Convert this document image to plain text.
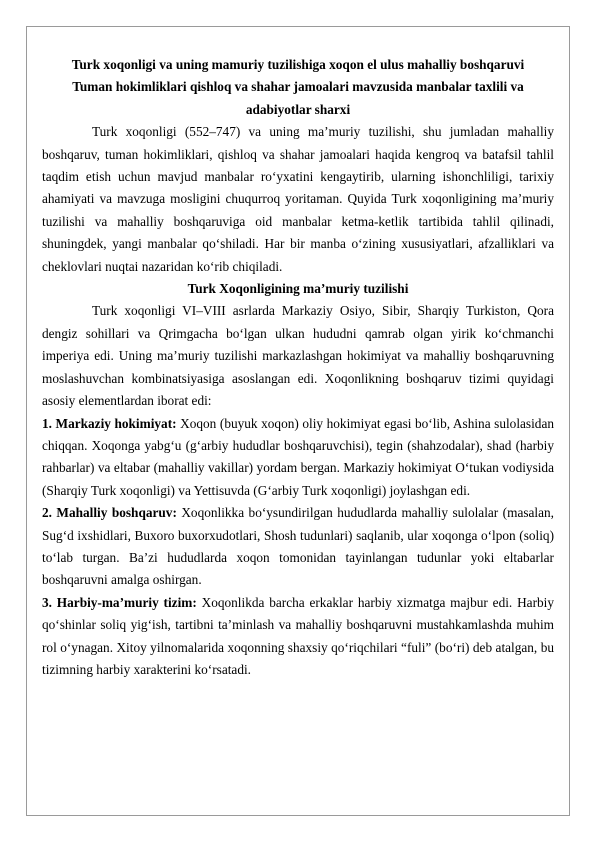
Turk xoqonligi va uning mamuriy tuzilishiga xoqon el ulus mahalliy boshqaruvi

Tuman hokimliklari qishloq va shahar jamoalari mavzusida manbalar taxlili va

adabiyotlar sharxi

Turk xoqonligi (552–747) va uning ma’muriy tuzilishi, shu jumladan mahalliy boshqaruv, tuman hokimliklari, qishloq va shahar jamoalari haqida kengroq va batafsil tahlil taqdim etish uchun mavjud manbalar ro‘yxatini kengaytirib, ularning ishonchliligi, tarixiy ahamiyati va mavzuga mosligini chuqurroq yoritaman. Quyida Turk xoqonligining ma’muriy tuzilishi va mahalliy boshqaruviga oid manbalar ketma-ketlik tartibida tahlil qilinadi, shuningdek, yangi manbalar qo‘shiladi. Har bir manba o‘zining xususiyatlari, afzalliklari va cheklovlari nuqtai nazaridan ko‘rib chiqiladi.

Turk Xoqonligining ma’muriy tuzilishi

Turk xoqonligi VI–VIII asrlarda Markaziy Osiyo, Sibir, Sharqiy Turkiston, Qora dengiz sohillari va Qrimgacha bo‘lgan ulkan hududni qamrab olgan yirik ko‘chmanchi imperiya edi. Uning ma’muriy tuzilishi markazlashgan hokimiyat va mahalliy boshqaruvning moslashuvchan kombinatsiyasiga asoslangan edi. Xoqonlikning boshqaruv tizimi quyidagi asosiy elementlardan iborat edi:

1. Markaziy hokimiyat: Xoqon (buyuk xoqon) oliy hokimiyat egasi bo‘lib, Ashina sulolasidan chiqqan. Xoqonga yabg‘u (g‘arbiy hududlar boshqaruvchisi), tegin (shahzodalar), shad (harbiy rahbarlar) va eltabar (mahalliy vakillar) yordam bergan. Markaziy hokimiyat O‘tukan vodiysida (Sharqiy Turk xoqonligi) va Yettisuvda (G‘arbiy Turk xoqonligi) joylashgan edi.

2. Mahalliy boshqaruv: Xoqonlikka bo‘ysundirilgan hududlarda mahalliy sulolalar (masalan, Sug‘d ixshidlari, Buxoro buxorxudotlari, Shosh tudunlari) saqlanib, ular xoqonga o‘lpon (soliq) to‘lab turgan. Ba’zi hududlarda xoqon tomonidan tayinlangan tudunlar yoki eltabarlar boshqaruvni amalga oshirgan.

3. Harbiy-ma’muriy tizim: Xoqonlikda barcha erkaklar harbiy xizmatga majbur edi. Harbiy qo‘shinlar soliq yig‘ish, tartibni ta’minlash va mahalliy boshqaruvni mustahkamlashda muhim rol o‘ynagan. Xitoy yilnomalarida xoqonning shaxsiy qo‘riqchilari “fuli” (bo‘ri) deb atalgan, bu tizimning harbiy xarakterini ko‘rsatadi.
